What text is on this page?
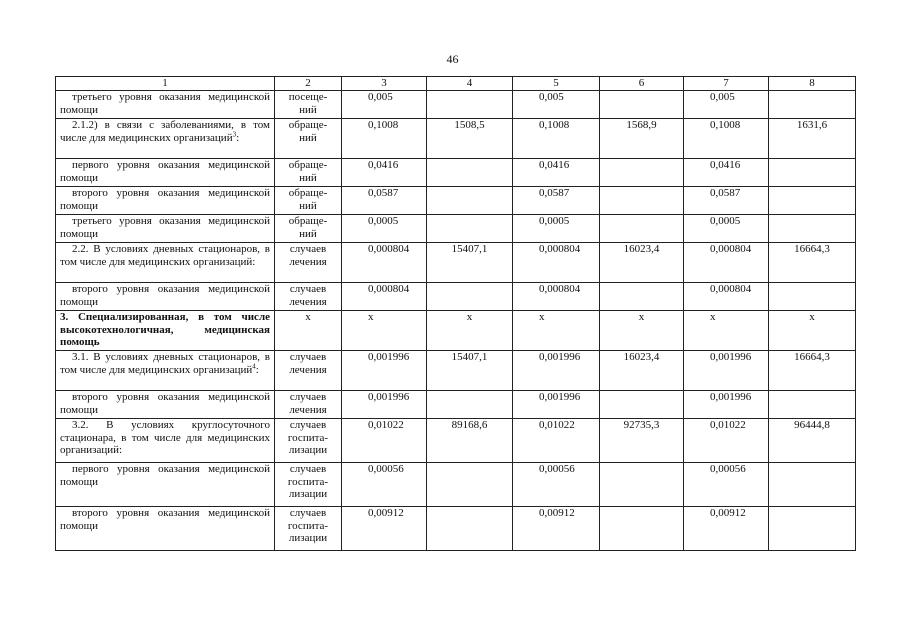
46
1	2	3	4	5	6	7	8
третьего уровня оказания медицинской помощи	посеще-
ний	0,005		0,005		0,005	
2.1.2) в связи с заболеваниями, в том числе для медицинских организаций$^3$:	обраще-
ний	0,1008	1508,5	0,1008	1568,9	0,1008	1631,6
первого уровня оказания медицинской помощи	обраще-
ний	0,0416		0,0416		0,0416	
второго уровня оказания медицинской помощи	обраще-
ний	0,0587		0,0587		0,0587	
третьего уровня оказания медицинской помощи	обраще-
ний	0,0005		0,0005		0,0005	
2.2. В условиях дневных стационаров, в том числе для медицинских организаций:	случаев
лечения	0,000804	15407,1	0,000804	16023,4	0,000804	16664,3
второго уровня оказания медицинской помощи	случаев
лечения	0,000804		0,000804		0,000804	
3. Специализированная, в том числе высокотехнологичная, медицинская помощь	х	х	х	х	х	х	х
3.1. В условиях дневных стационаров, в том числе для медицинских организаций$^4$:	случаев
лечения	0,001996	15407,1	0,001996	16023,4	0,001996	16664,3
второго уровня оказания медицинской помощи	случаев
лечения	0,001996		0,001996		0,001996	
3.2. В условиях круглосуточного стационара, в том числе для медицинских организаций:	случаев
госпита-
лизации	0,01022	89168,6	0,01022	92735,3	0,01022	96444,8
первого уровня оказания медицинской помощи	случаев
госпита-
лизации	0,00056		0,00056		0,00056	
второго уровня оказания медицинской помощи	случаев
госпита-
лизации	0,00912		0,00912		0,00912	
